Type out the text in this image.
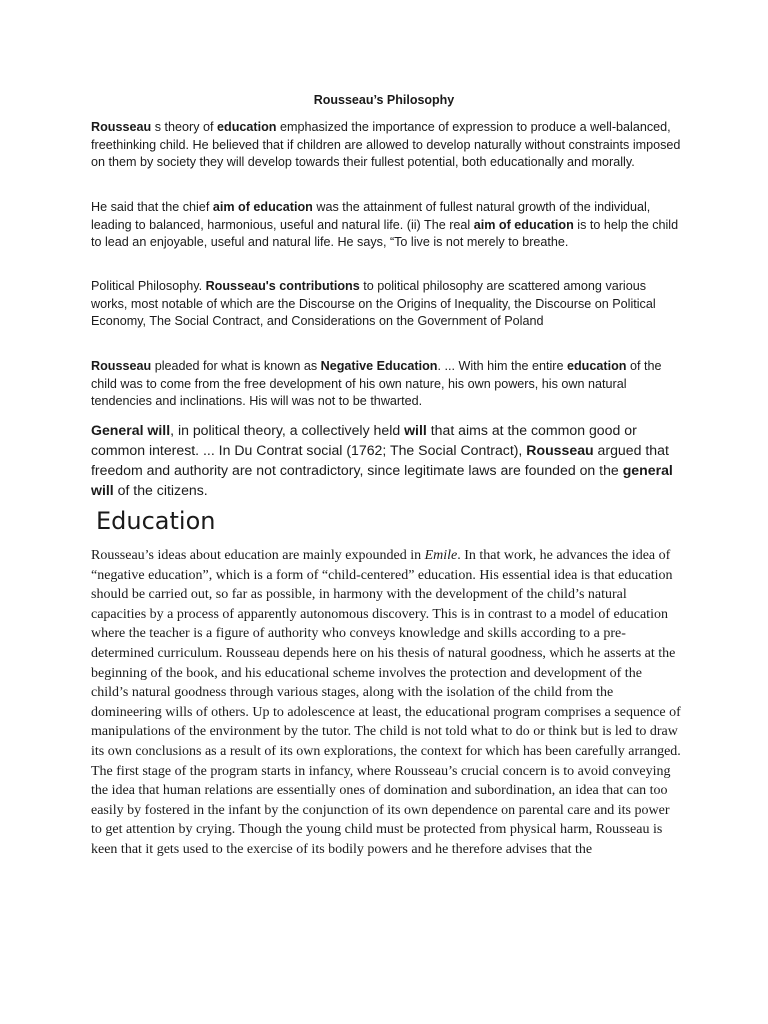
Rousseau’s Philosophy

Rousseau s theory of education emphasized the importance of expression to produce a well-balanced, freethinking child. He believed that if children are allowed to develop naturally without constraints imposed on them by society they will develop towards their fullest potential, both educationally and morally.

He said that the chief aim of education was the attainment of fullest natural growth of the individual, leading to balanced, harmonious, useful and natural life. (ii) The real aim of education is to help the child to lead an enjoyable, useful and natural life. He says, “To live is not merely to breathe.

Political Philosophy. Rousseau's contributions to political philosophy are scattered among various works, most notable of which are the Discourse on the Origins of Inequality, the Discourse on Political Economy, The Social Contract, and Considerations on the Government of Poland

Rousseau pleaded for what is known as Negative Education. ... With him the entire education of the child was to come from the free development of his own nature, his own powers, his own natural tendencies and inclinations. His will was not to be thwarted.

General will, in political theory, a collectively held will that aims at the common good or common interest. ... In Du Contrat social (1762; The Social Contract), Rousseau argued that freedom and authority are not contradictory, since legitimate laws are founded on the general will of the citizens.

Education

Rousseau’s ideas about education are mainly expounded in Emile. In that work, he advances the idea of “negative education”, which is a form of “child-centered” education. His essential idea is that education should be carried out, so far as possible, in harmony with the development of the child’s natural capacities by a process of apparently autonomous discovery. This is in contrast to a model of education where the teacher is a figure of authority who conveys knowledge and skills according to a pre-determined curriculum. Rousseau depends here on his thesis of natural goodness, which he asserts at the beginning of the book, and his educational scheme involves the protection and development of the child’s natural goodness through various stages, along with the isolation of the child from the domineering wills of others. Up to adolescence at least, the educational program comprises a sequence of manipulations of the environment by the tutor. The child is not told what to do or think but is led to draw its own conclusions as a result of its own explorations, the context for which has been carefully arranged. The first stage of the program starts in infancy, where Rousseau’s crucial concern is to avoid conveying the idea that human relations are essentially ones of domination and subordination, an idea that can too easily by fostered in the infant by the conjunction of its own dependence on parental care and its power to get attention by crying. Though the young child must be protected from physical harm, Rousseau is keen that it gets used to the exercise of its bodily powers and he therefore advises that the
